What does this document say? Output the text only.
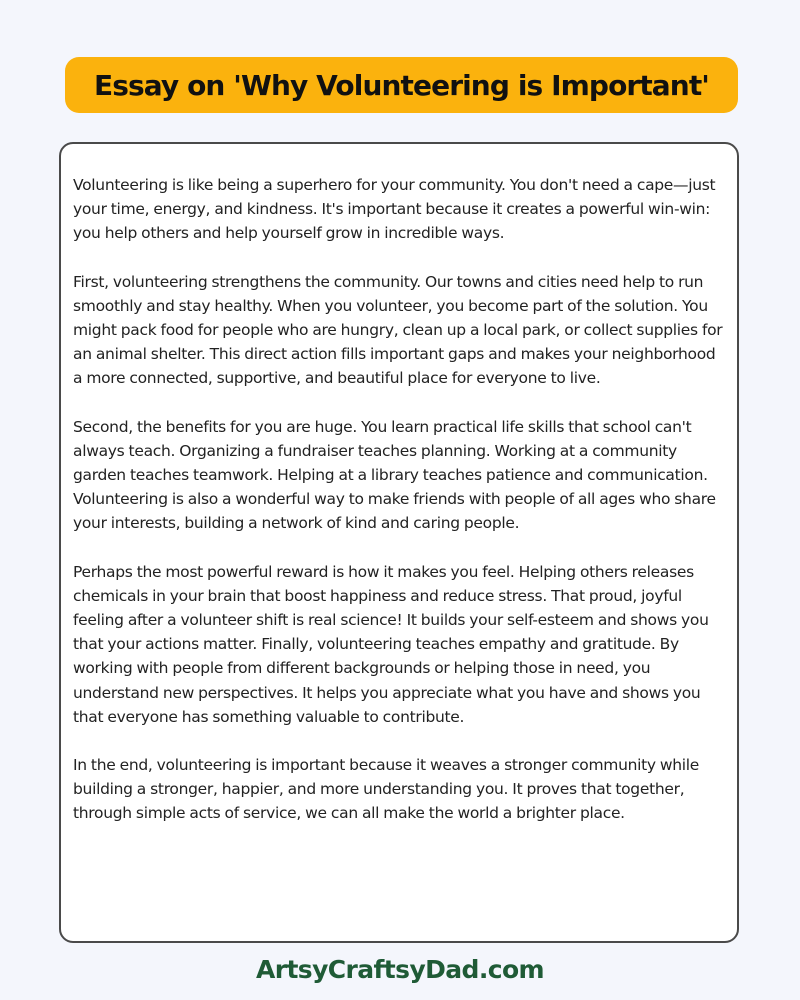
Essay on 'Why Volunteering is Important'

Volunteering is like being a superhero for your community. You don't need a cape—just your time, energy, and kindness. It's important because it creates a powerful win-win: you help others and help yourself grow in incredible ways.

First, volunteering strengthens the community. Our towns and cities need help to run smoothly and stay healthy. When you volunteer, you become part of the solution. You might pack food for people who are hungry, clean up a local park, or collect supplies for an animal shelter. This direct action fills important gaps and makes your neighborhood a more connected, supportive, and beautiful place for everyone to live.

Second, the benefits for you are huge. You learn practical life skills that school can't always teach. Organizing a fundraiser teaches planning. Working at a community garden teaches teamwork. Helping at a library teaches patience and communication. Volunteering is also a wonderful way to make friends with people of all ages who share your interests, building a network of kind and caring people.

Perhaps the most powerful reward is how it makes you feel. Helping others releases chemicals in your brain that boost happiness and reduce stress. That proud, joyful feeling after a volunteer shift is real science! It builds your self-esteem and shows you that your actions matter. Finally, volunteering teaches empathy and gratitude. By working with people from different backgrounds or helping those in need, you understand new perspectives. It helps you appreciate what you have and shows you that everyone has something valuable to contribute.

In the end, volunteering is important because it weaves a stronger community while building a stronger, happier, and more understanding you. It proves that together, through simple acts of service, we can all make the world a brighter place.

ArtsyCraftsyDad.com
